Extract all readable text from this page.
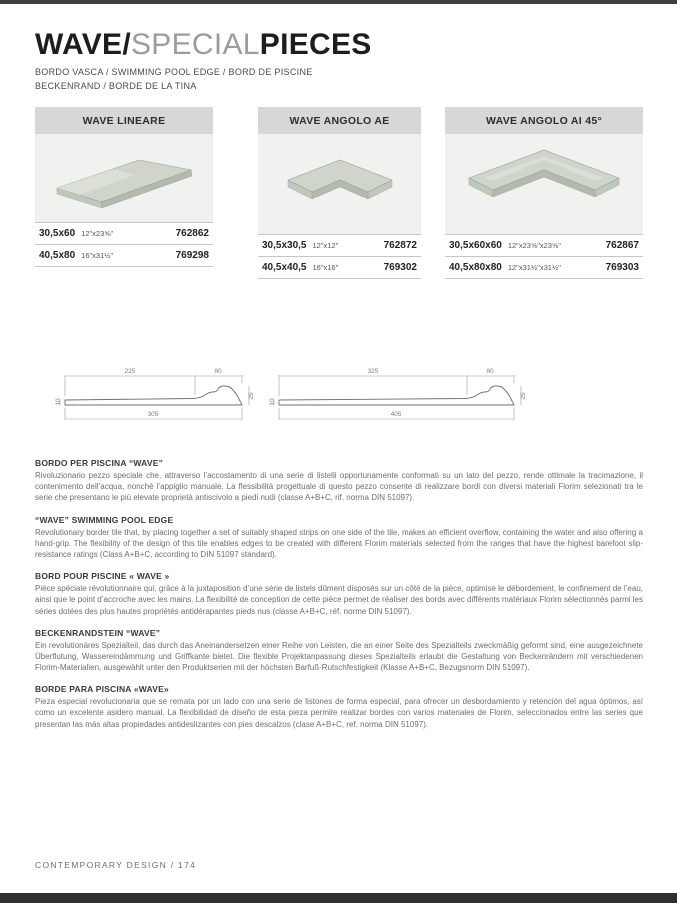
WAVE/SPECIALPIECES
BORDO VASCA / SWIMMING POOL EDGE / BORD DE PISCINE
BECKENRAND / BORDE DE LA TINA
WAVE LINEARE
30,5x60 12"x23⅝"	762862
40,5x80 16"x31½"	769298
WAVE ANGOLO AE
30,5x30,5 12"x12"	762872
40,5x40,5 16"x16"	769302
WAVE ANGOLO AI 45°
30,5x60x60 12"x23⅝"x23⅝"	762867
40,5x80x80 12"x31½"x31½"	769303
225	80
305
10
25
325	80
405
10
25
BORDO PER PISCINA “WAVE”

Rivoluzionario pezzo speciale che, attraverso l’accostamento di una serie di listelli opportunamente conformati su un lato del pezzo, rende ottimale la tracimazione, il contenimento dell’acqua, nonché l’appiglio manuale. La flessibilità progettuale di questo pezzo consente di realizzare bordi con diversi materiali Florim selezionati tra le serie che presentano le più elevate proprietà antiscivolo a piedi nudi (classe A+B+C, rif. norma DIN 51097).

“WAVE” SWIMMING POOL EDGE

Revolutionary border tile that, by placing together a set of suitably shaped strips on one side of the tile, makes an efficient overflow, containing the water and also offering a hand-grip. The flexibility of the design of this tile enables edges to be created with different Florim materials selected from the ranges that have the highest barefoot slip-resistance ratings (Class A+B+C, according to DIN 51097 standard).

BORD POUR PISCINE « WAVE »

Pièce spéciale révolutionnaire qui, grâce à la juxtaposition d’une série de listels dûment disposés sur un côté de la pièce, optimise le débordement, le confinement de l’eau, ainsi que le point d’accroche avec les mains. La flexibilité de conception de cette pièce permet de réaliser des bords avec différents matériaux Florim sélectionnés parmi les séries dotées des plus hautes propriétés antidérapantes pieds nus (classe A+B+C, réf. norme DIN 51097).

BECKENRANDSTEIN “WAVE”

Ein revolutionäres Spezialteil, das durch das Aneinandersetzen einer Reihe von Leisten, die an einer Seite des Spezialteils zweckmäßig geformt sind, eine ausgezeichnete Überflutung, Wassereindämmung und Griffkante bietet. Die flexible Projektanpassung dieses Spezialteils erlaubt die Gestaltung von Beckenrändern mit verschiedenen Florim-Materialien, ausgewählt unter den Produktserien mit der höchsten Barfuß-Rutschfestigkeit (Klasse A+B+C, Bezugsnorm DIN 51097).

BORDE PARA PISCINA «WAVE»

Pieza especial revolucionaria que se remata por un lado con una serie de listones de forma especial, para ofrecer un desbordamiento y retención del agua óptimos, así como un excelente asidero manual. La flexibilidad de diseño de esta pieza permite realizar bordes con varios materiales de Florim, seleccionados entre las series que presentan las más altas propiedades antideslizantes con pies descalzos (clase A+B+C, ref. norma DIN 51097).

CONTEMPORARY DESIGN / 174
